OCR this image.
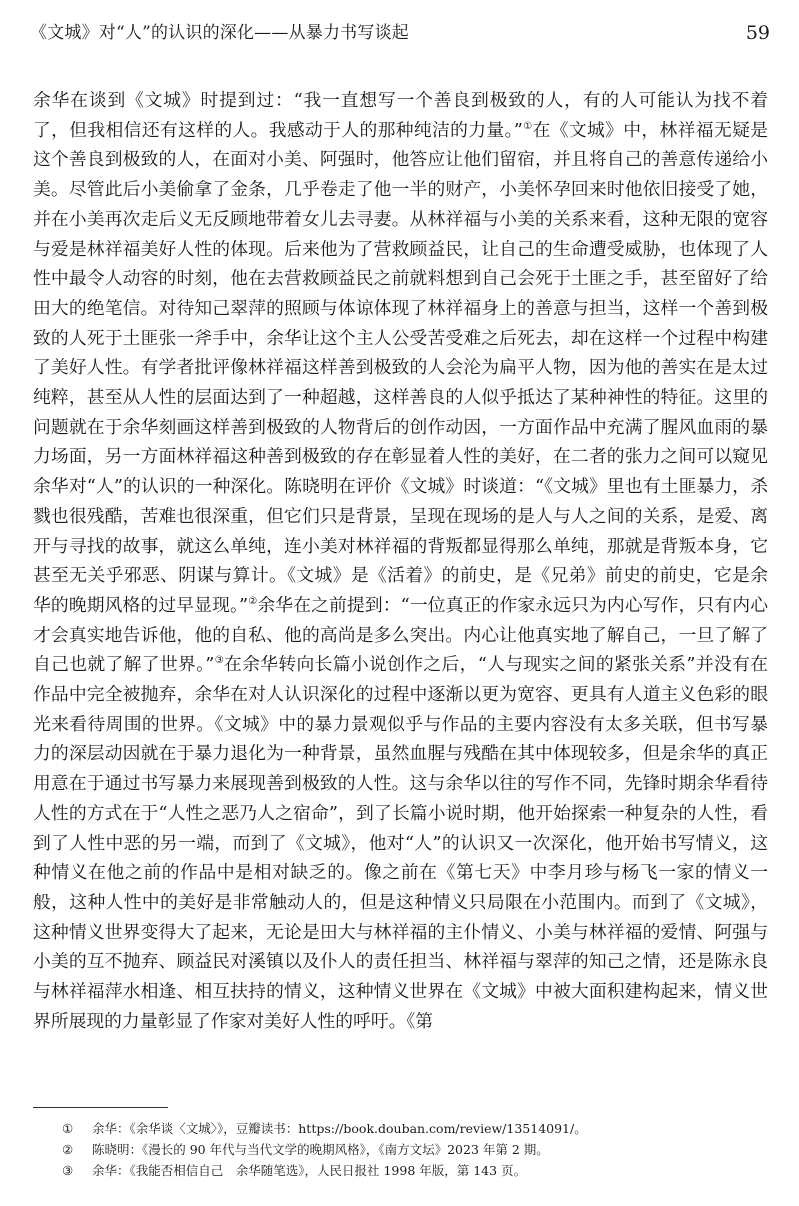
《文城》对“人”的认识的深化——从暴力书写谈起	59

余华在谈到《文城》时提到过：“我一直想写一个善良到极致的人，有的人可能认为找不着了，但我相信还有这样的人。我感动于人的那种纯洁的力量。”①在《文城》中，林祥福无疑是这个善良到极致的人，在面对小美、阿强时，他答应让他们留宿，并且将自己的善意传递给小美。尽管此后小美偷拿了金条，几乎卷走了他一半的财产，小美怀孕回来时他依旧接受了她，并在小美再次走后义无反顾地带着女儿去寻妻。从林祥福与小美的关系来看，这种无限的宽容与爱是林祥福美好人性的体现。后来他为了营救顾益民，让自己的生命遭受威胁，也体现了人性中最令人动容的时刻，他在去营救顾益民之前就料想到自己会死于土匪之手，甚至留好了给田大的绝笔信。对待知己翠萍的照顾与体谅体现了林祥福身上的善意与担当，这样一个善到极致的人死于土匪张一斧手中，余华让这个主人公受苦受难之后死去，却在这样一个过程中构建了美好人性。有学者批评像林祥福这样善到极致的人会沦为扁平人物，因为他的善实在是太过纯粹，甚至从人性的层面达到了一种超越，这样善良的人似乎抵达了某种神性的特征。这里的问题就在于余华刻画这样善到极致的人物背后的创作动因，一方面作品中充满了腥风血雨的暴力场面，另一方面林祥福这种善到极致的存在彰显着人性的美好，在二者的张力之间可以窥见余华对“人”的认识的一种深化。陈晓明在评价《文城》时谈道：“《文城》里也有土匪暴力，杀戮也很残酷，苦难也很深重，但它们只是背景，呈现在现场的是人与人之间的关系，是爱、离开与寻找的故事，就这么单纯，连小美对林祥福的背叛都显得那么单纯，那就是背叛本身，它甚至无关乎邪恶、阴谋与算计。《文城》是《活着》的前史，是《兄弟》前史的前史，它是余华的晚期风格的过早显现。”②余华在之前提到：“一位真正的作家永远只为内心写作，只有内心才会真实地告诉他，他的自私、他的高尚是多么突出。内心让他真实地了解自己，一旦了解了自己也就了解了世界。”③在余华转向长篇小说创作之后，“人与现实之间的紧张关系”并没有在作品中完全被抛弃，余华在对人认识深化的过程中逐渐以更为宽容、更具有人道主义色彩的眼光来看待周围的世界。《文城》中的暴力景观似乎与作品的主要内容没有太多关联，但书写暴力的深层动因就在于暴力退化为一种背景，虽然血腥与残酷在其中体现较多，但是余华的真正用意在于通过书写暴力来展现善到极致的人性。这与余华以往的写作不同，先锋时期余华看待人性的方式在于“人性之恶乃人之宿命”，到了长篇小说时期，他开始探索一种复杂的人性，看到了人性中恶的另一端，而到了《文城》，他对“人”的认识又一次深化，他开始书写情义，这种情义在他之前的作品中是相对缺乏的。像之前在《第七天》中李月珍与杨飞一家的情义一般，这种人性中的美好是非常触动人的，但是这种情义只局限在小范围内。而到了《文城》，这种情义世界变得大了起来，无论是田大与林祥福的主仆情义、小美与林祥福的爱情、阿强与小美的互不抛弃、顾益民对溪镇以及仆人的责任担当、林祥福与翠萍的知己之情，还是陈永良与林祥福萍水相逢、相互扶持的情义，这种情义世界在《文城》中被大面积建构起来，情义世界所展现的力量彰显了作家对美好人性的呼吁。《第

①	余华：《余华谈〈文城〉》，豆瓣读书：https://book.douban.com/review/13514091/。
②	陈晓明：《漫长的 90 年代与当代文学的晚期风格》，《南方文坛》2023 年第 2 期。
③	余华：《我能否相信自己　余华随笔选》，人民日报社 1998 年版，第 143 页。
